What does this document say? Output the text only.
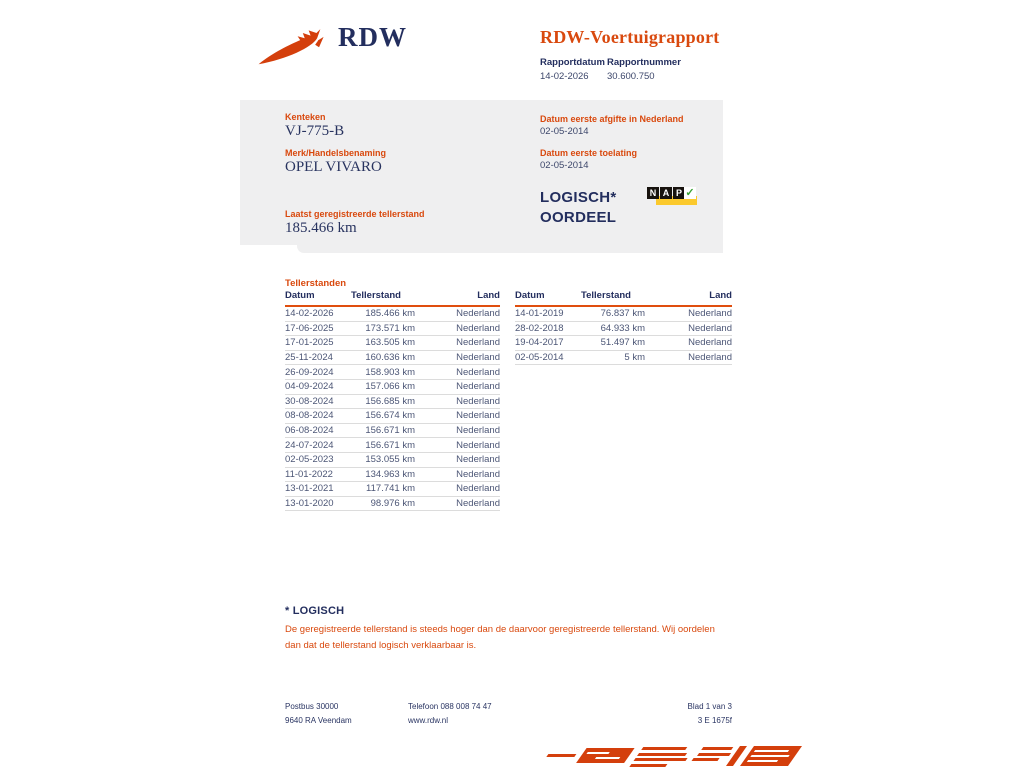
RDW	RDW-Voertuigrapport
Rapportdatum
14-02-2026
Rapportnummer
30.600.750
Kenteken
VJ-775-B
Merk/Handelsbenaming
OPEL VIVARO
Laatst geregistreerde tellerstand
185.466 km
Datum eerste afgifte in Nederland
02-05-2014
Datum eerste toelating
02-05-2014
LOGISCH*
OORDEEL
N A P ✓
Tellerstanden
Datum	Tellerstand	Land
14-02-2026	185.466 km	Nederland
17-06-2025	173.571 km	Nederland
17-01-2025	163.505 km	Nederland
25-11-2024	160.636 km	Nederland
26-09-2024	158.903 km	Nederland
04-09-2024	157.066 km	Nederland
30-08-2024	156.685 km	Nederland
08-08-2024	156.674 km	Nederland
06-08-2024	156.671 km	Nederland
24-07-2024	156.671 km	Nederland
02-05-2023	153.055 km	Nederland
11-01-2022	134.963 km	Nederland
13-01-2021	117.741 km	Nederland
13-01-2020	98.976 km	Nederland
Datum	Tellerstand	Land
14-01-2019	76.837 km	Nederland
28-02-2018	64.933 km	Nederland
19-04-2017	51.497 km	Nederland
02-05-2014	5 km	Nederland
* LOGISCH
De geregistreerde tellerstand is steeds hoger dan de daarvoor geregistreerde tellerstand. Wij oordelen dan dat de tellerstand logisch verklaarbaar is.
Postbus 30000
9640 RA Veendam
Telefoon 088 008 74 47
www.rdw.nl
Blad 1 van 3
3 E 1675f
